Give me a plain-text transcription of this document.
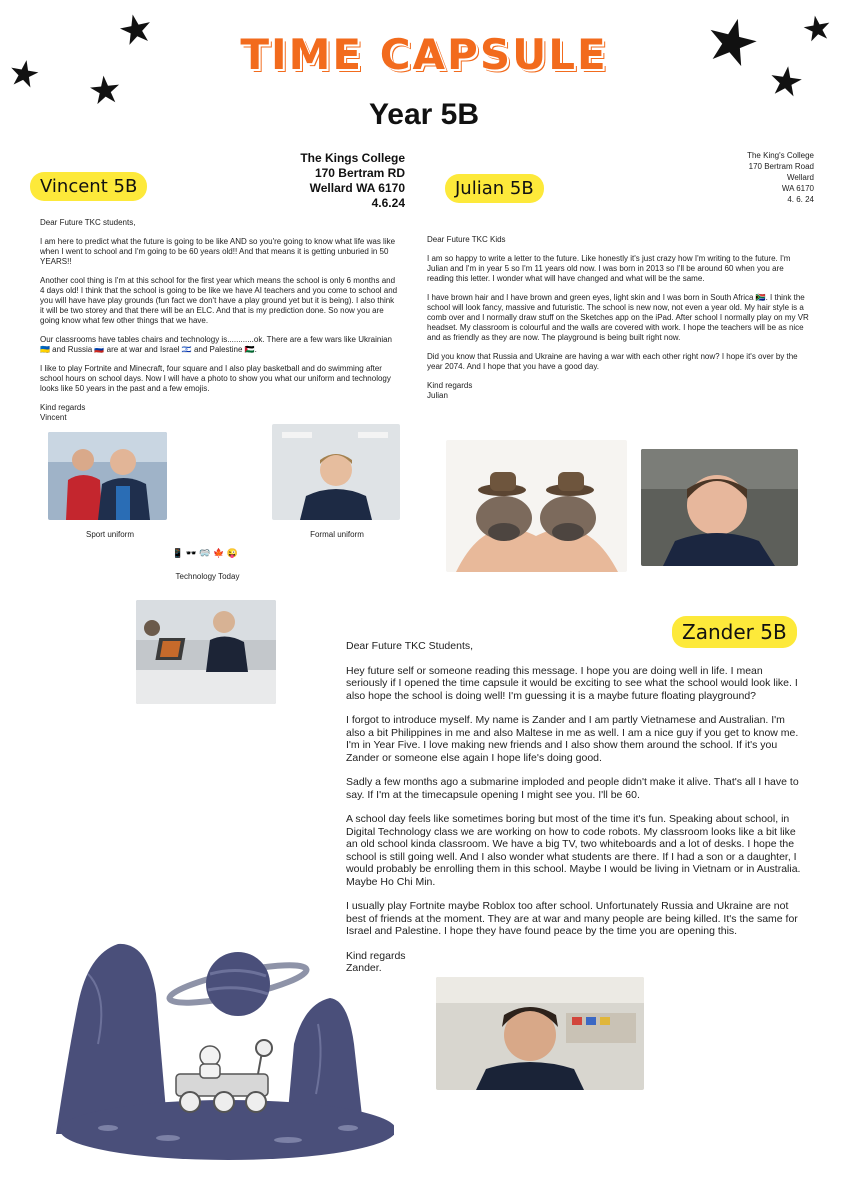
★
★ ★
★ ★
★
TIME CAPSULE
Year 5B
Vincent 5B
The Kings College
170 Bertram RD
Wellard WA 6170
4.6.24

Dear Future TKC students,

I am here to predict what the future is going to be like AND so you're going to know what life was like when I went to school and I'm going to be 60 years old!! And that means it is getting unburied in 50 YEARS!!

Another cool thing is I'm at this school for the first year which means the school is only 6 months and 4 days old! I think that the school is going to be like we have AI teachers and you come to school and you will have have play grounds (fun fact we don't have a play ground yet but it is being). I also think it will be two storey and that there will be an ELC. And that is my prediction done. So now you are going know what few other things that we have.

Our classrooms have tables chairs and technology is............ok. There are a few wars like Ukrainian 🇺🇦 and Russia 🇷🇺 are at war and Israel 🇮🇱 and Palestine 🇵🇸.

I like to play Fortnite and Minecraft, four square and I also play basketball and do swimming after school hours on school days. Now I will have a photo to show you what our uniform and technology looks like 50 years in the past and a few emojis.

Kind regards
Vincent
Sport uniform	Formal uniform
📱 🕶️ 🥽 🍁 😜
Technology Today
Julian 5B
The King's College
170 Bertram Road
Wellard
WA 6170
4. 6. 24

Dear Future TKC Kids

I am so happy to write a letter to the future. Like honestly it's just crazy how I'm writing to the future. I'm Julian and I'm in year 5 so I'm 11 years old now. I was born in 2013 so I'll be around 60 when you are reading this letter. I wonder what will have changed and what will be the same.

I have brown hair and I have brown and green eyes, light skin and I was born in South Africa 🇿🇦. I think the school will look fancy, massive and futuristic. The school is new now, not even a year old. My hair style is a comb over and I normally draw stuff on the Sketches app on the iPad. After school I normally play on my VR headset. My classroom is colourful and the walls are covered with work. I hope the teachers will be as nice and as friendly as they are now. The playground is being built right now.

Did you know that Russia and Ukraine are having a war with each other right now? I hope it's over by the year 2074. And I hope that you have a good day.

Kind regards
Julian
Zander 5B

Dear Future TKC Students,

Hey future self or someone reading this message. I hope you are doing well in life. I mean seriously if I opened the time capsule it would be exciting to see what the school would look like. I also hope the school is doing well! I'm guessing it is a maybe future floating playground?

I forgot to introduce myself. My name is Zander and I am partly Vietnamese and Australian. I'm also a bit Philippines in me and also Maltese in me as well. I am a nice guy if you get to know me. I'm in Year Five. I love making new friends and I also show them around the school. If it's you Zander or someone else again I hope life's doing good.

Sadly a few months ago a submarine imploded and people didn't make it alive. That's all I have to say. If I'm at the timecapsule opening I might see you. I'll be 60.

A school day feels like sometimes boring but most of the time it's fun. Speaking about school, in Digital Technology class we are working on how to code robots. My classroom looks like a bit like an old school kinda classroom. We have a big TV, two whiteboards and a lot of desks. I hope the school is still going well. And I also wonder what students are there. If I had a son or a daughter, I would probably be enrolling them in this school. Maybe I would be living in Vietnam or in Australia. Maybe Ho Chi Min.

I usually play Fortnite maybe Roblox too after school. Unfortunately Russia and Ukraine are not best of friends at the moment. They are at war and many people are being killed. It's the same for Israel and Palestine. I hope they have found peace by the time you are opening this.

Kind regards
Zander.
